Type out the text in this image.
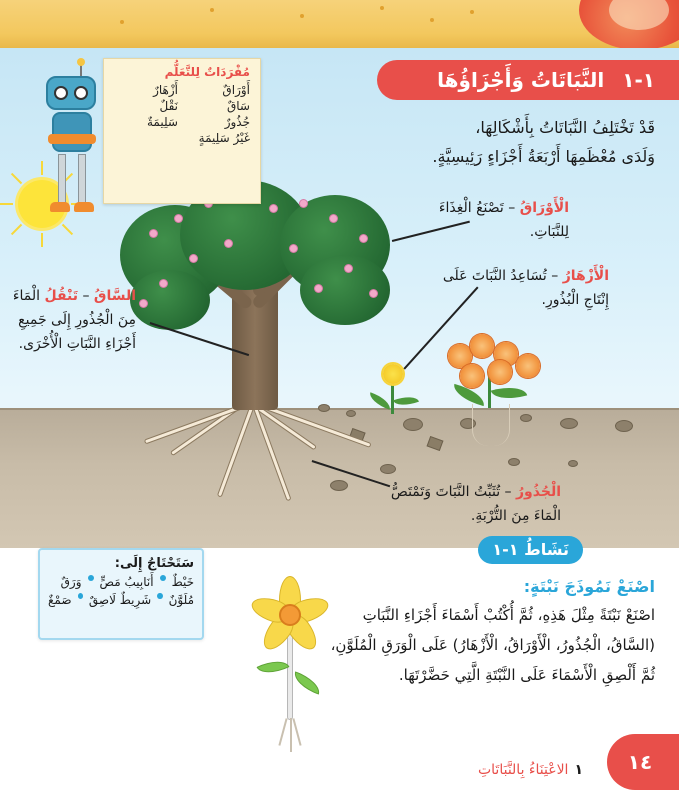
النَّبَاتَاتُ وَأَجْزَاؤُهَا ١-١
مُفْرَدَاتٌ لِلتَّعَلُّم
أَوْرَاقٌ
أَزْهَارٌ
سَاقٌ
نَقْلٌ
جُذُورٌ
سَلِيمَةٌ
غَيْرُ سَلِيمَةٍ
قَدْ تَخْتَلِفُ النَّبَاتَاتُ بِأَشْكَالِهَا،
وَلَدَى مُعْظَمِهَا أَرْبَعَةُ أَجْزَاءٍ رَئِيسِيَّةٍ.
الْأَوْرَاقُ – تَصْنَعُ الْغِذَاءَ لِلنَّبَاتِ.
الْأَزْهَارُ – تُسَاعِدُ النَّبَاتَ عَلَى إِنْتَاجِ الْبُذُورِ.
السَّاقُ – تَنْقُلُ الْمَاءَ مِنَ الْجُذُورِ إِلَى جَمِيعِ أَجْزَاءِ النَّبَاتِ الْأُخْرَى.
الْجُذُورُ – تُثَبِّتُ النَّبَاتَ وَتَمْتَصُّ الْمَاءَ مِنَ التُّرْبَةِ.
نَشَاطُ ١-١
اصْنَعْ نَمُوذَجَ نَبْتَةٍ:
اصْنَعْ نَبْتَةً مِثْلَ هَذِهِ، ثُمَّ أُكْتُبْ أَسْمَاءَ أَجْزَاءِ النَّبَاتِ (السَّاقُ، الْجُذُورُ، الْأَوْرَاقُ، الْأَزْهَارُ) عَلَى الْوَرَقِ الْمُلَوَّنِ، ثُمَّ أَلْصِقِ الْأَسْمَاءَ عَلَى النَّبْتَةِ الَّتِي حَضَّرْتَهَا.
سَتَحْتَاجُ إِلَى:
خَيْطٌ
أَنَابِيبُ مَصٍّ
وَرَقٌ
مُلَوَّنٌ
شَرِيطٌ لَاصِقٌ
صَمْغٌ
١الاعْتِنَاءُ بِالنَّبَاتَاتِ	١٤
